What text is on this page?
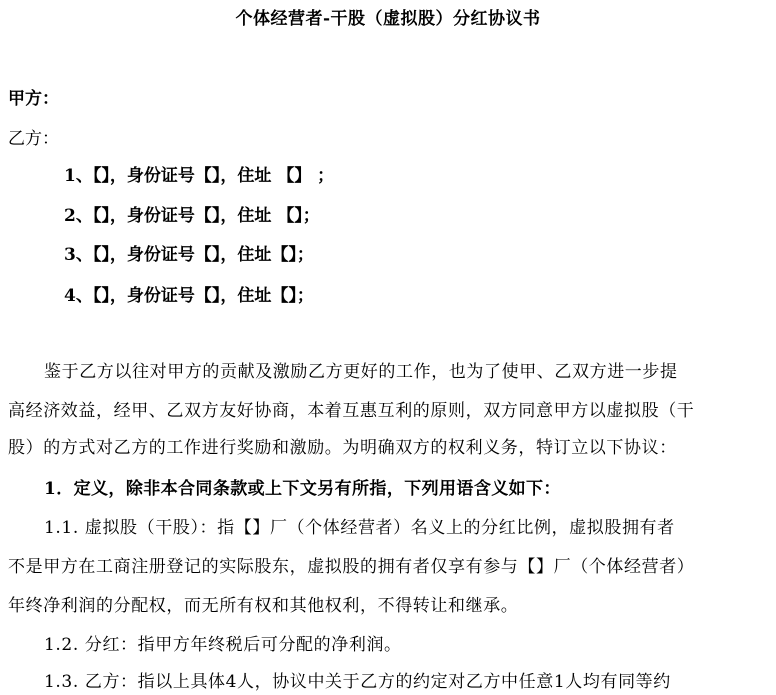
个体经营者-干股（虚拟股）分红协议书
甲方：
乙方：
1、【】，身份证号【】，住址 【】 ；
2、【】，身份证号【】，住址 【】；
3、【】，身份证号【】，住址【】；
4、【】，身份证号【】，住址【】；
鉴于乙方以往对甲方的贡献及激励乙方更好的工作，也为了使甲、乙双方进一步提
高经济效益，经甲、乙双方友好协商，本着互惠互利的原则，双方同意甲方以虚拟股（干
股）的方式对乙方的工作进行奖励和激励。为明确双方的权利义务，特订立以下协议：
1．定义，除非本合同条款或上下文另有所指，下列用语含义如下：
1.1. 虚拟股（干股）：指【】厂（个体经营者）名义上的分红比例，虚拟股拥有者
不是甲方在工商注册登记的实际股东，虚拟股的拥有者仅享有参与【】厂（个体经营者）
年终净利润的分配权，而无所有权和其他权利，不得转让和继承。
1.2. 分红：指甲方年终税后可分配的净利润。
1.3. 乙方：指以上具体4人，协议中关于乙方的约定对乙方中任意1人均有同等约
